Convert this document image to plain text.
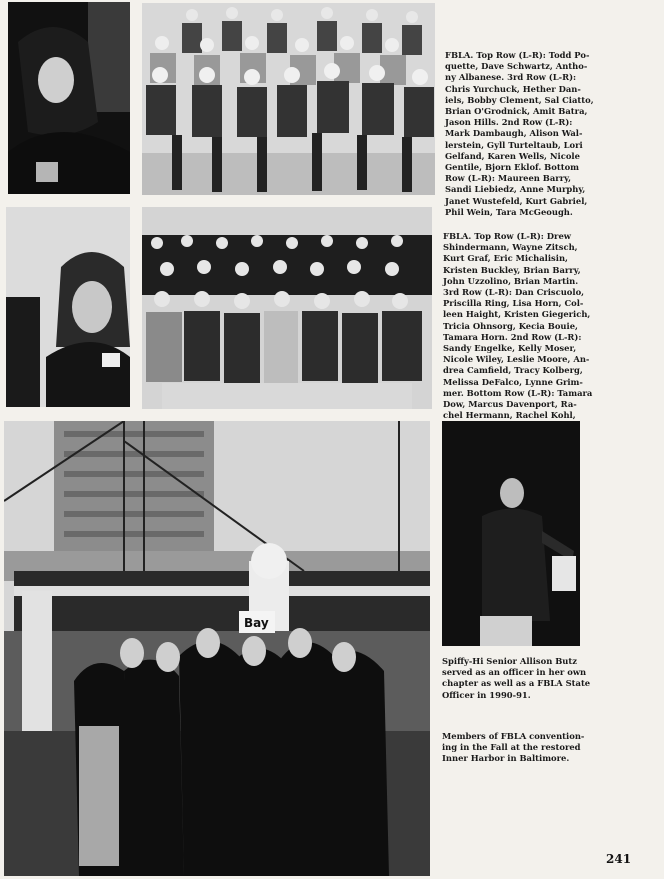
FBLA. Top Row (L-R): Todd Po-
quette, Dave Schwartz, Antho-
ny Albanese. 3rd Row (L-R):
Chris Yurchuck, Hether Dan-
iels, Bobby Clement, Sal Ciatto,
Brian O'Grodnick, Amit Batra,
Jason Hills. 2nd Row (L-R):
Mark Dambaugh, Alison Wal-
lerstein, Gyll Turteltaub, Lori
Gelfand, Karen Wells, Nicole
Gentile, Bjorn Eklof. Bottom
Row (L-R): Maureen Barry,
Sandi Liebiedz, Anne Murphy,
Janet Wustefeld, Kurt Gabriel,
Phil Wein, Tara McGeough.

FBLA. Top Row (L-R): Drew
Shindermann, Wayne Zitsch,
Kurt Graf, Eric Michalisin,
Kristen Buckley, Brian Barry,
John Uzzolino, Brian Martin.
3rd Row (L-R): Dan Criscuolo,
Priscilla Ring, Lisa Horn, Col-
leen Haight, Kristen Giegerich,
Tricia Ohnsorg, Kecia Bouie,
Tamara Horn. 2nd Row (L-R):
Sandy Engelke, Kelly Moser,
Nicole Wiley, Leslie Moore, An-
drea Camfield, Tracy Kolberg,
Melissa DeFalco, Lynne Grim-
mer. Bottom Row (L-R): Tamara
Dow, Marcus Davenport, Ra-
chel Hermann, Rachel Kohl,

Bay

Spiffy-Hi Senior Allison Butz
served as an officer in her own
chapter as well as a FBLA State
Officer in 1990-91.

Members of FBLA convention-
ing in the Fall at the restored
Inner Harbor in Baltimore.

241
